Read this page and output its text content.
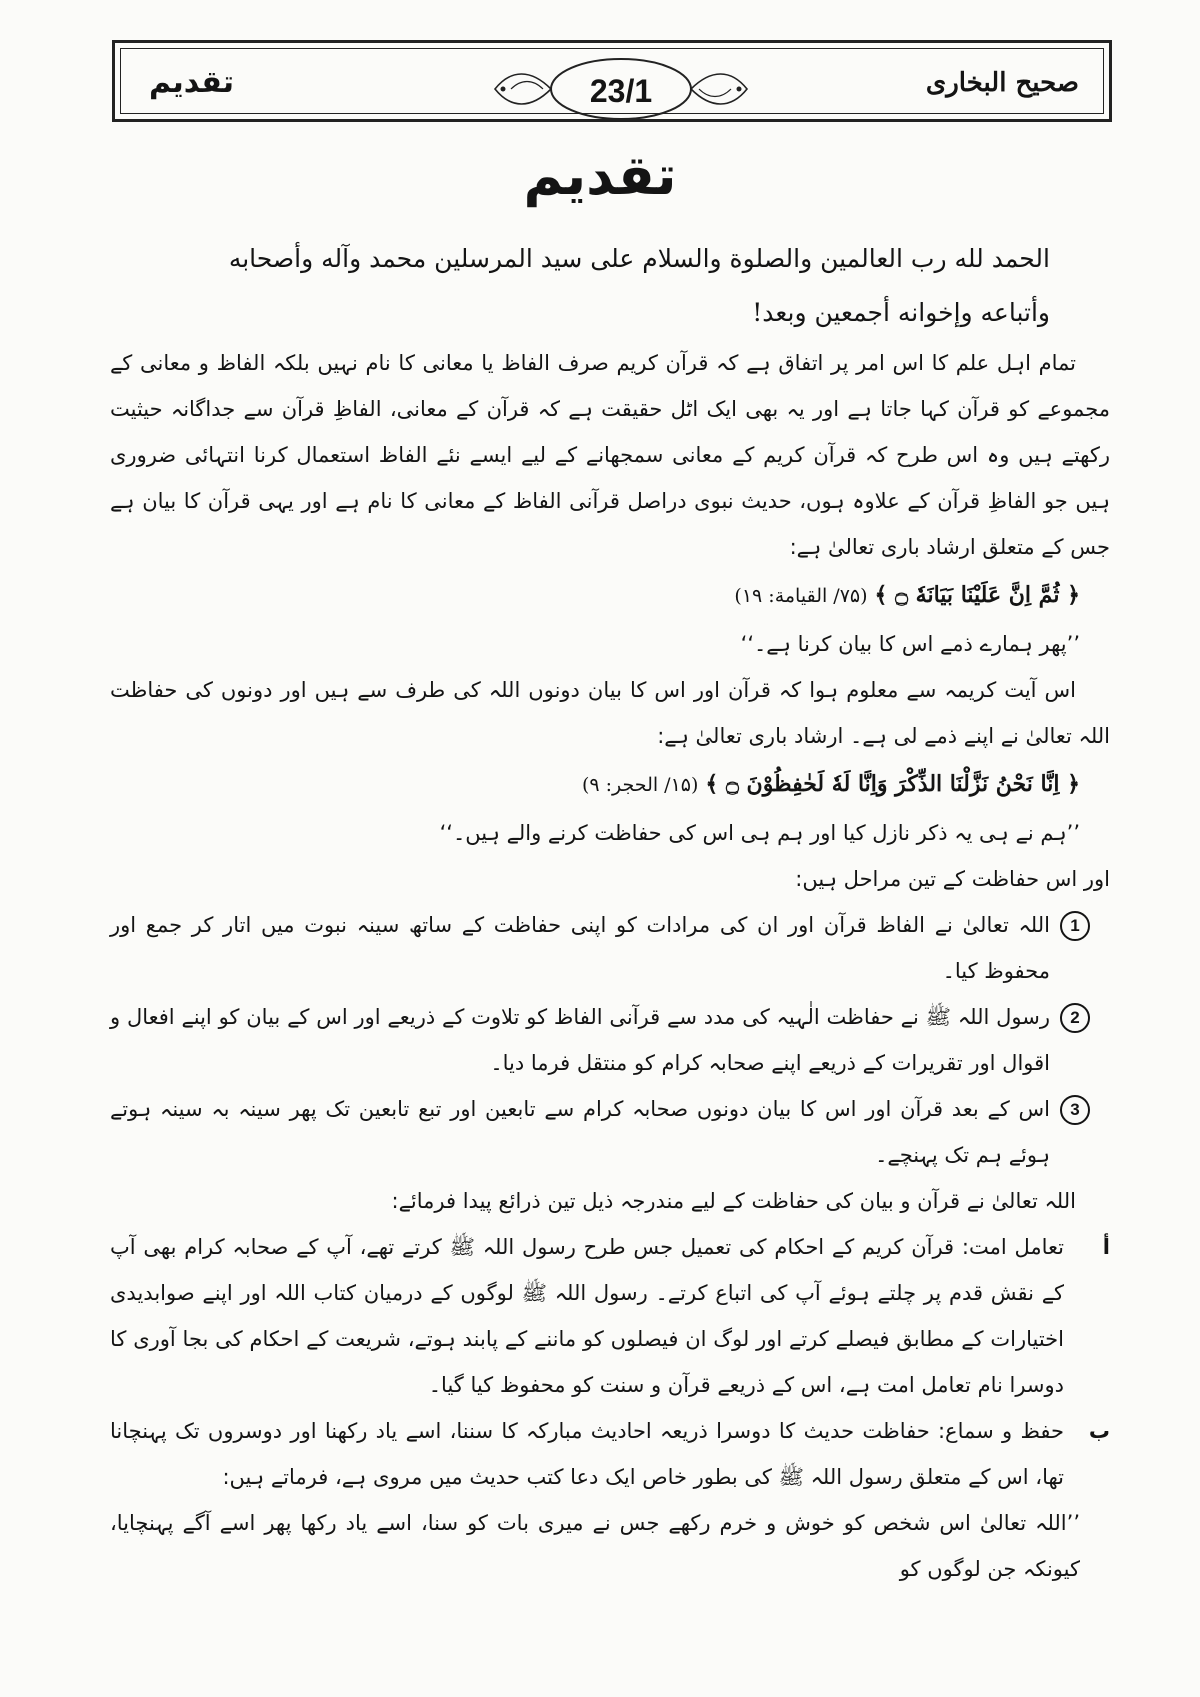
تقدیم	23/1	صحیح البخاری
تقدیم

الحمد لله رب العالمین والصلوة والسلام على سید المرسلین محمد وآله وأصحابه

وأتباعه وإخوانه أجمعین وبعد!

تمام اہل علم کا اس امر پر اتفاق ہے کہ قرآن کریم صرف الفاظ یا معانی کا نام نہیں بلکہ الفاظ و معانی کے مجموعے کو قرآن کہا جاتا ہے اور یہ بھی ایک اٹل حقیقت ہے کہ قرآن کے معانی، الفاظِ قرآن سے جداگانہ حیثیت رکھتے ہیں وہ اس طرح کہ قرآن کریم کے معانی سمجھانے کے لیے ایسے نئے الفاظ استعمال کرنا انتہائی ضروری ہیں جو الفاظِ قرآن کے علاوہ ہوں، حدیث نبوی دراصل قرآنی الفاظ کے معانی کا نام ہے اور یہی قرآن کا بیان ہے جس کے متعلق ارشاد باری تعالیٰ ہے:

﴿ ثُمَّ اِنَّ عَلَيْنَا بَيَانَهٗ ۝ ﴾ (۷۵/ القيامة: ۱۹)

’’پھر ہمارے ذمے اس کا بیان کرنا ہے۔‘‘

اس آیت کریمہ سے معلوم ہوا کہ قرآن اور اس کا بیان دونوں اللہ کی طرف سے ہیں اور دونوں کی حفاظت اللہ تعالیٰ نے اپنے ذمے لی ہے۔ ارشاد باری تعالیٰ ہے:

﴿ اِنَّا نَحْنُ نَزَّلْنَا الذِّكْرَ وَاِنَّا لَهٗ لَحٰفِظُوْنَ ۝ ﴾ (۱۵/ الحجر: ۹)

’’ہم نے ہی یہ ذکر نازل کیا اور ہم ہی اس کی حفاظت کرنے والے ہیں۔‘‘

اور اس حفاظت کے تین مراحل ہیں:

1
اللہ تعالیٰ نے الفاظ قرآن اور ان کی مرادات کو اپنی حفاظت کے ساتھ سینہ نبوت میں اتار کر جمع اور محفوظ کیا۔
2
رسول اللہ ﷺ نے حفاظت الٰہیہ کی مدد سے قرآنی الفاظ کو تلاوت کے ذریعے اور اس کے بیان کو اپنے افعال و اقوال اور تقریرات کے ذریعے اپنے صحابہ کرام کو منتقل فرما دیا۔
3
اس کے بعد قرآن اور اس کا بیان دونوں صحابہ کرام سے تابعین اور تبع تابعین تک پھر سینہ بہ سینہ ہوتے ہوئے ہم تک پہنچے۔

اللہ تعالیٰ نے قرآن و بیان کی حفاظت کے لیے مندرجہ ذیل تین ذرائع پیدا فرمائے:

أ
تعامل امت: قرآن کریم کے احکام کی تعمیل جس طرح رسول اللہ ﷺ کرتے تھے، آپ کے صحابہ کرام بھی آپ کے نقش قدم پر چلتے ہوئے آپ کی اتباع کرتے۔ رسول اللہ ﷺ لوگوں کے درمیان کتاب اللہ اور اپنے صوابدیدی اختیارات کے مطابق فیصلے کرتے اور لوگ ان فیصلوں کو ماننے کے پابند ہوتے، شریعت کے احکام کی بجا آوری کا دوسرا نام تعامل امت ہے، اس کے ذریعے قرآن و سنت کو محفوظ کیا گیا۔
ب
حفظ و سماع: حفاظت حدیث کا دوسرا ذریعہ احادیث مبارکہ کا سننا، اسے یاد رکھنا اور دوسروں تک پہنچانا تھا، اس کے متعلق رسول اللہ ﷺ کی بطور خاص ایک دعا کتب حدیث میں مروی ہے، فرماتے ہیں:

’’اللہ تعالیٰ اس شخص کو خوش و خرم رکھے جس نے میری بات کو سنا، اسے یاد رکھا پھر اسے آگے پہنچایا، کیونکہ جن لوگوں کو
